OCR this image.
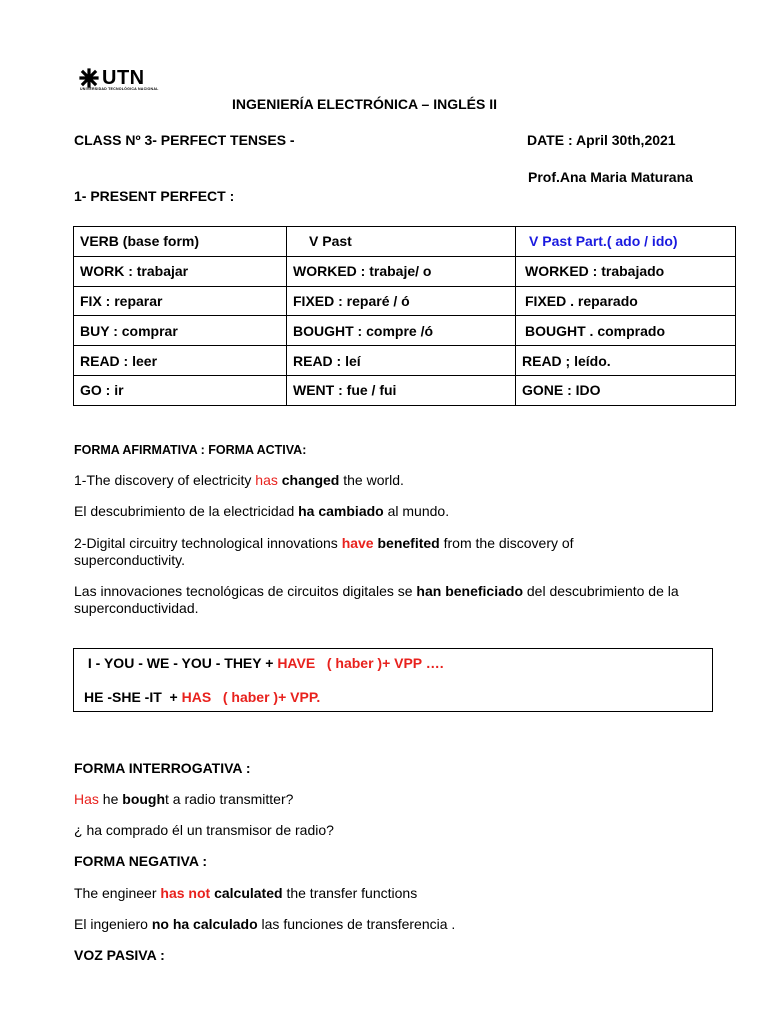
UTN
UNIVERSIDAD TECNOLÓGICA NACIONAL
INGENIERÍA ELECTRÓNICA – INGLÉS II
CLASS Nº 3- PERFECT TENSES -	DATE : April 30th,2021
Prof.Ana Maria Maturana
1- PRESENT PERFECT :
VERB (base form)	V Past	V Past Part.( ado / ido)
WORK : trabajar	WORKED : trabaje/ o	WORKED : trabajado
FIX : reparar	FIXED : reparé / ó	FIXED . reparado
BUY : comprar	BOUGHT : compre /ó	BOUGHT . comprado
READ : leer	READ : leí	READ ; leído.
GO : ir	WENT : fue / fui	GONE : IDO
FORMA AFIRMATIVA : FORMA ACTIVA:
1-The discovery of electricity has changed the world.
El descubrimiento de la electricidad ha cambiado al mundo.
2-Digital circuitry technological innovations have benefited from the discovery of superconductivity.
Las innovaciones tecnológicas de circuitos digitales se han beneficiado del descubrimiento de la superconductividad.
I - YOU - WE - YOU - THEY + HAVE   ( haber )+ VPP ….
HE -SHE -IT  + HAS   ( haber )+ VPP.
FORMA INTERROGATIVA :
Has he bought a radio transmitter?
¿ ha comprado él un transmisor de radio?
FORMA NEGATIVA :
The engineer has not calculated the transfer functions
El ingeniero no ha calculado las funciones de transferencia .
VOZ PASIVA :
